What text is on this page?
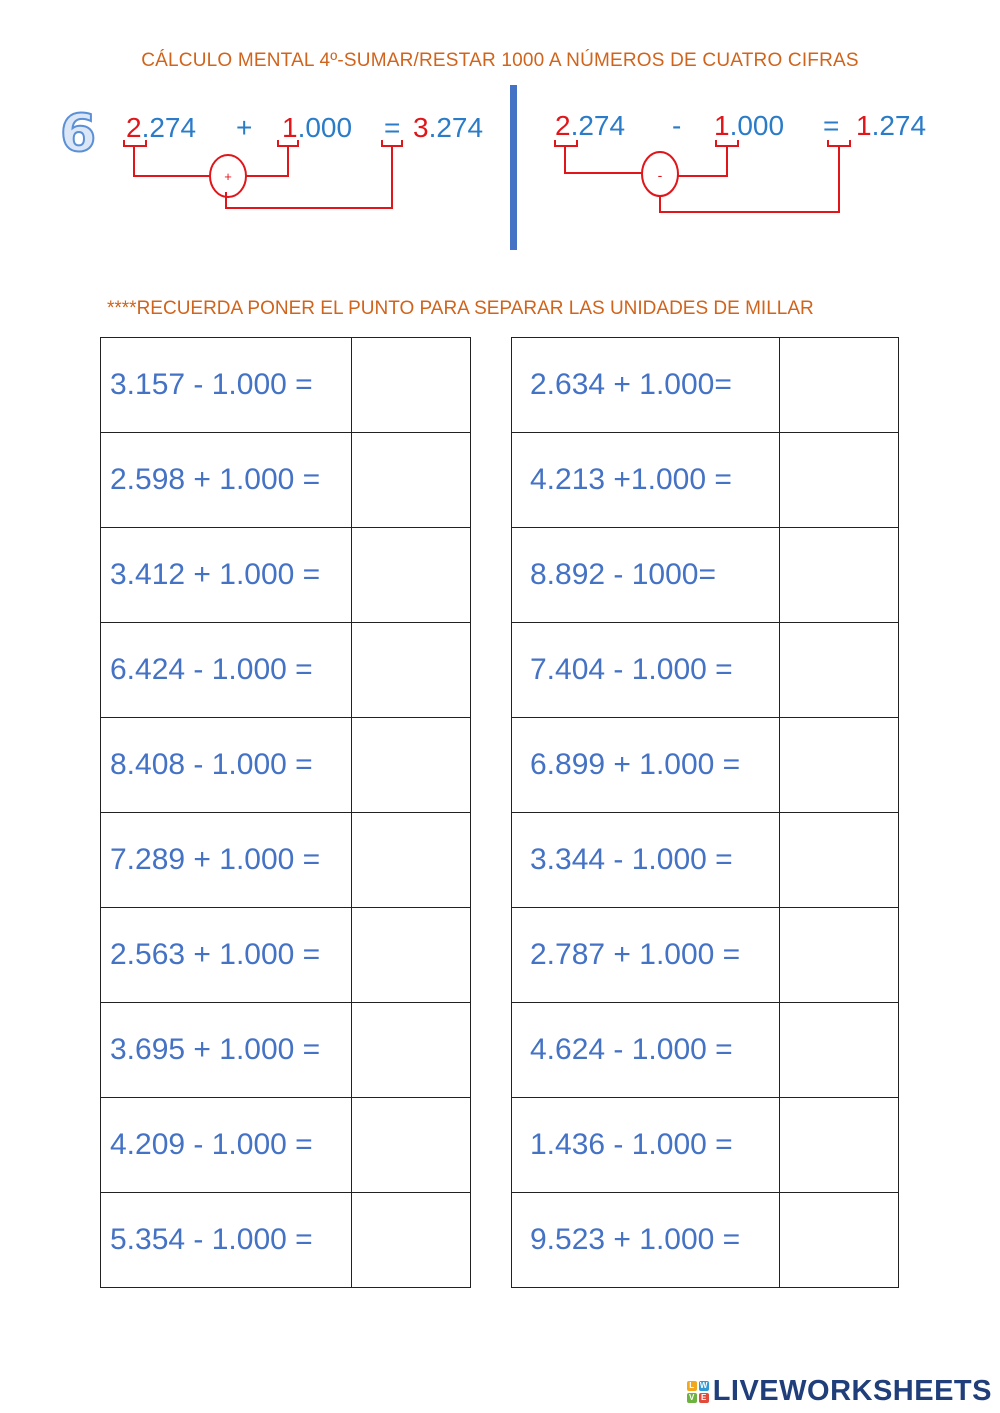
CÁLCULO MENTAL 4º-SUMAR/RESTAR 1000 A NÚMEROS DE CUATRO CIFRAS
6 2.274 + 1.000 = 3.274	2.274 - 1.000 = 1.274
+	-
****RECUERDA PONER EL PUNTO PARA SEPARAR LAS UNIDADES DE MILLAR
3.157 - 1.000 =	
2.598 + 1.000 =	
3.412 + 1.000 =	
6.424 - 1.000 =	
8.408 - 1.000 =	
7.289 + 1.000 =	
2.563 + 1.000 =	
3.695 + 1.000 =	
4.209 - 1.000 =	
5.354 - 1.000 =	
2.634 + 1.000=	
4.213 +1.000 =	
8.892 - 1000=	
7.404 - 1.000 =	
6.899 + 1.000 =	
3.344 - 1.000 =	
2.787 + 1.000 =	
4.624 - 1.000 =	
1.436 - 1.000 =	
9.523 + 1.000 =	
L W
V E LIVEWORKSHEETS
